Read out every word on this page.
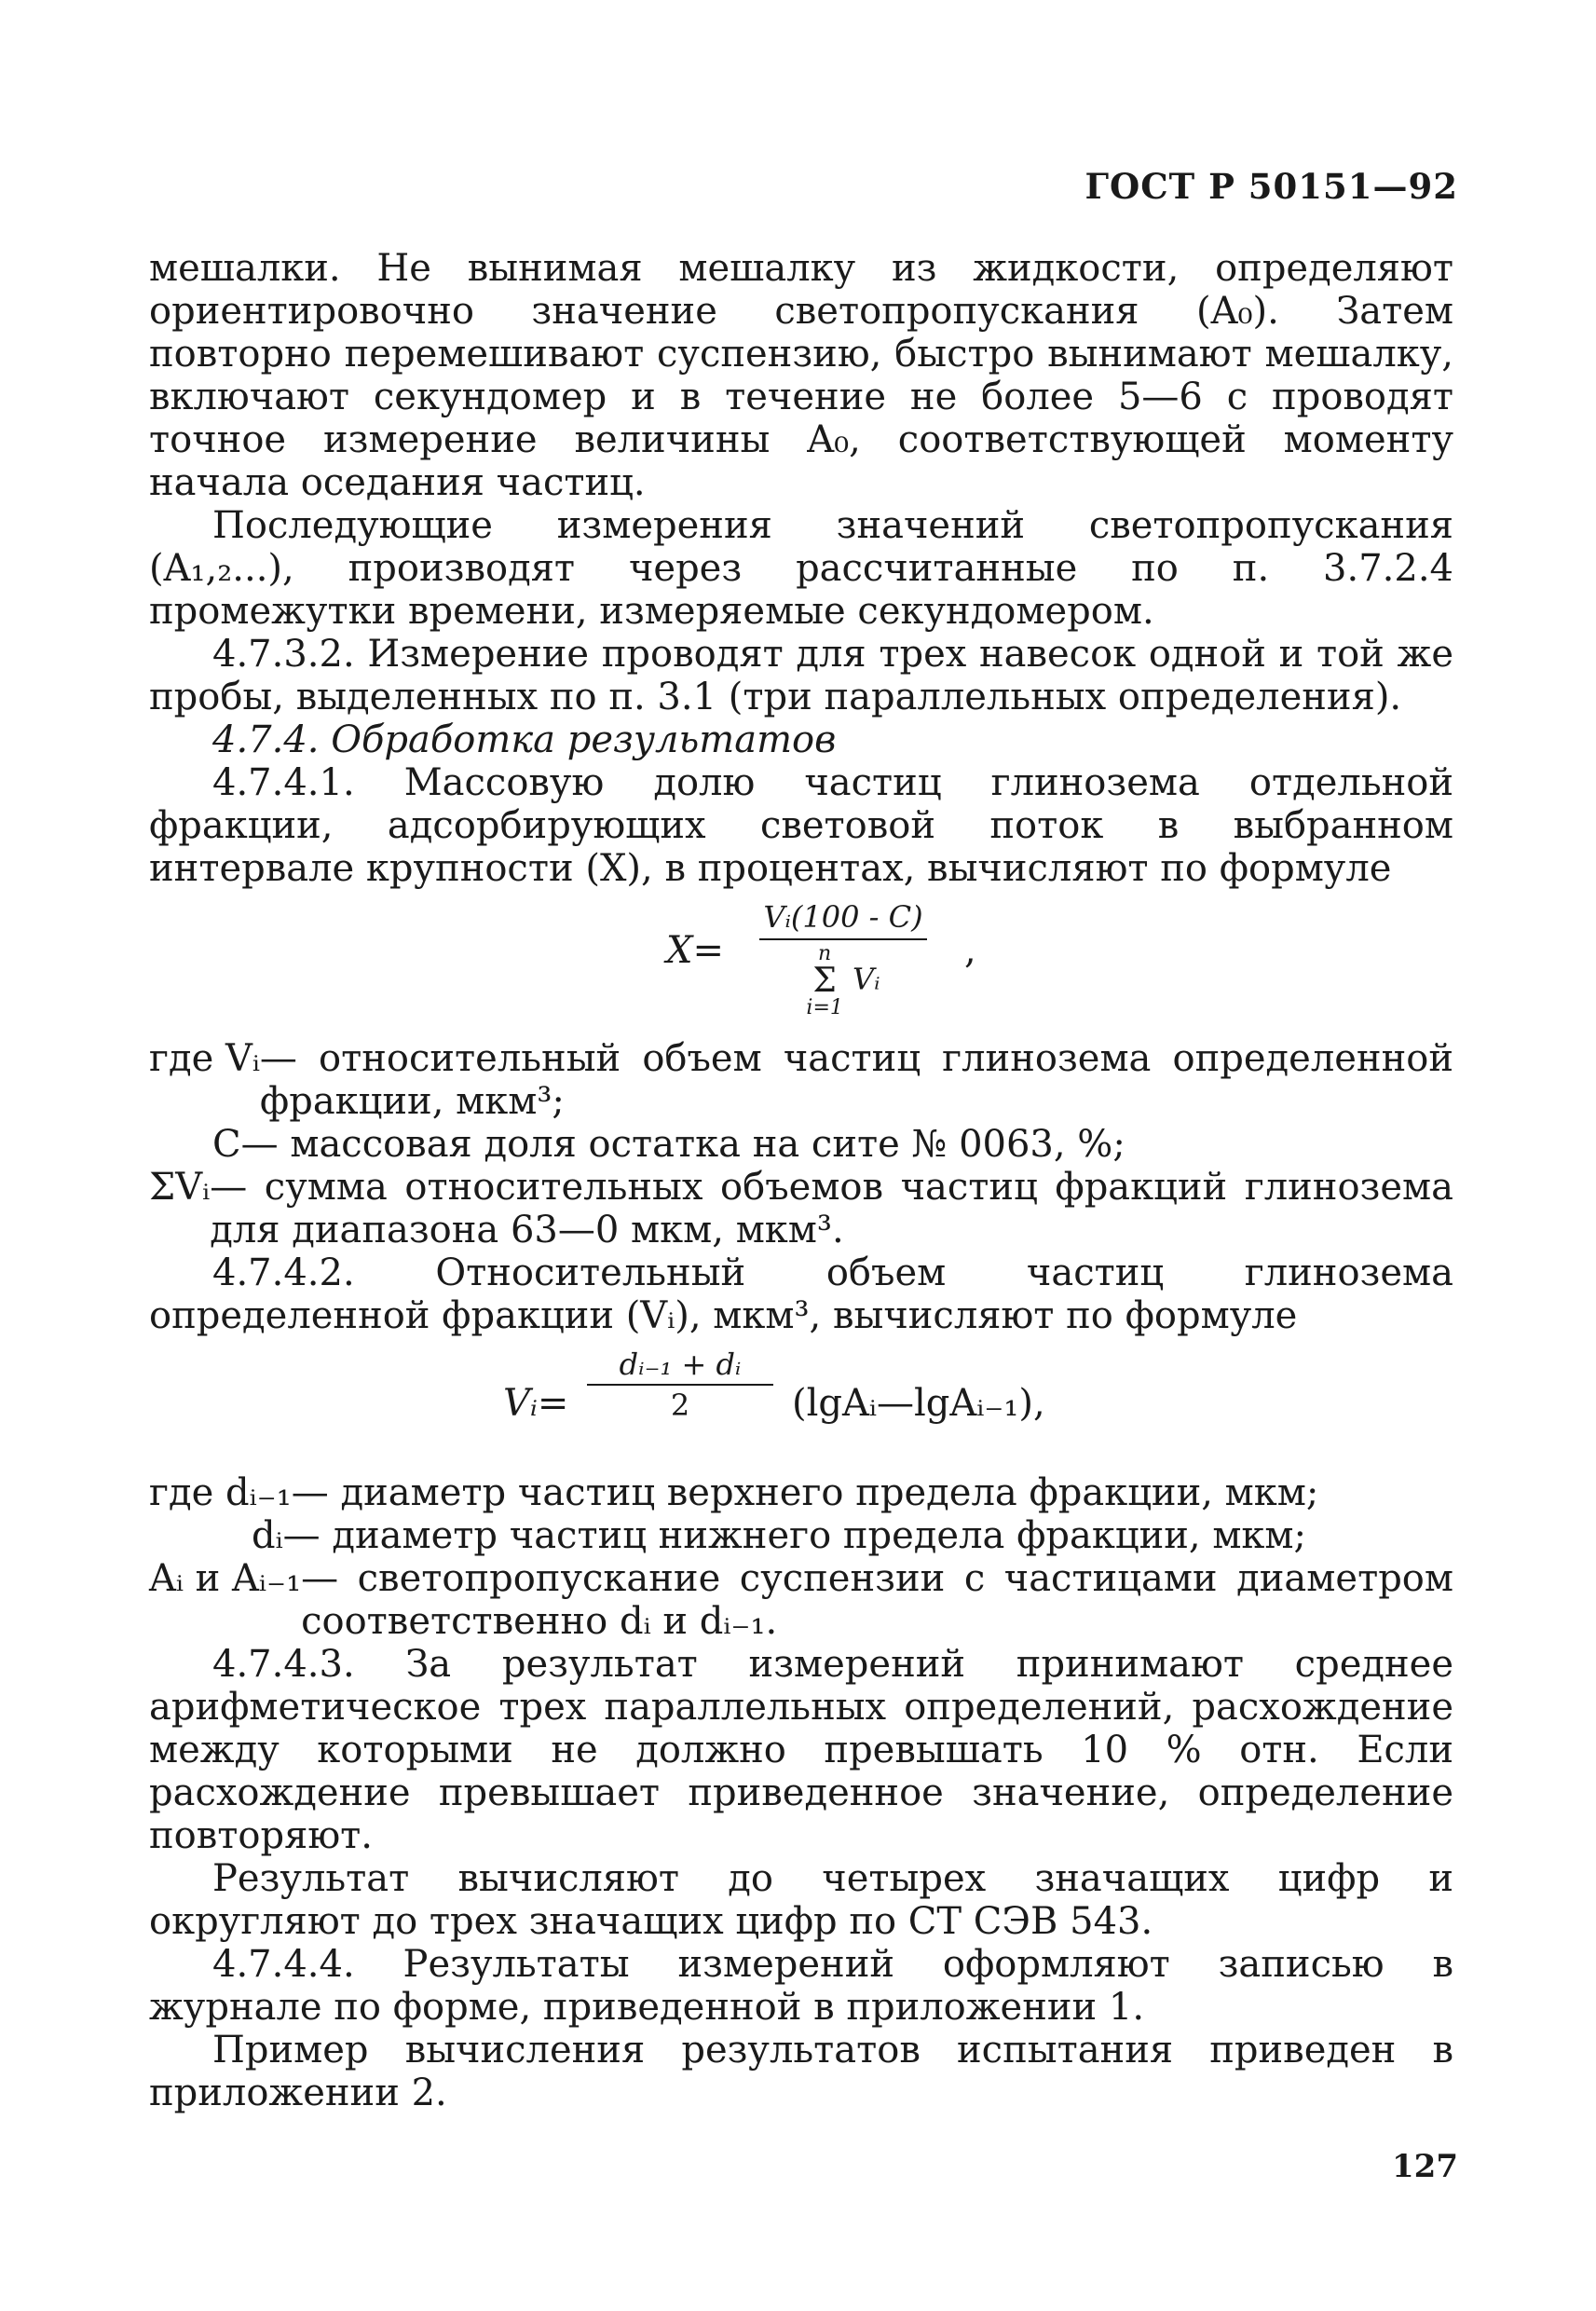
ГОСТ Р 50151—92

мешалки. Не вынимая мешалку из жидкости, определяют ориентировочно значение светопропускания (A₀). Затем повторно перемешивают суспензию, быстро вынимают мешалку, включают секундомер и в течение не более 5—6 с проводят точное измерение величины A₀, соответствующей моменту начала оседания частиц.

Последующие измерения значений светопропускания (A₁,₂...), производят через рассчитанные по п. 3.7.2.4 промежутки времени, измеряемые секундомером.

4.7.3.2. Измерение проводят для трех навесок одной и той же пробы, выделенных по п. 3.1 (три параллельных определения).

4.7.4. Обработка результатов

4.7.4.1. Массовую долю частиц глинозема отдельной фракции, адсорбирующих световой поток в выбранном интервале крупности (X), в процентах, вычисляют по формуле

X=
Vᵢ(100 - C)
n
Σ
i=1
Vᵢ
,
где Vᵢ — относительный объем частиц глинозема определенной фракции, мкм³;
C — массовая доля остатка на сите № 0063, %;
ΣVᵢ — сумма относительных объемов частиц фракций глинозема для диапазона 63—0 мкм, мкм³.

4.7.4.2. Относительный объем частиц глинозема определенной фракции (Vᵢ), мкм³, вычисляют по формуле

Vᵢ=
dᵢ₋₁ + dᵢ
2	(lgAᵢ—lgAᵢ₋₁),
где dᵢ₋₁ — диаметр частиц верхнего предела фракции, мкм;
dᵢ — диаметр частиц нижнего предела фракции, мкм;
Aᵢ и Aᵢ₋₁ — светопропускание суспензии с частицами диаметром соответственно dᵢ и dᵢ₋₁.

4.7.4.3. За результат измерений принимают среднее арифметическое трех параллельных определений, расхождение между которыми не должно превышать 10 % отн. Если расхождение превышает приведенное значение, определение повторяют.

Результат вычисляют до четырех значащих цифр и округляют до трех значащих цифр по СТ СЭВ 543.

4.7.4.4. Результаты измерений оформляют записью в журнале по форме, приведенной в приложении 1.

Пример вычисления результатов испытания приведен в приложении 2.

127
